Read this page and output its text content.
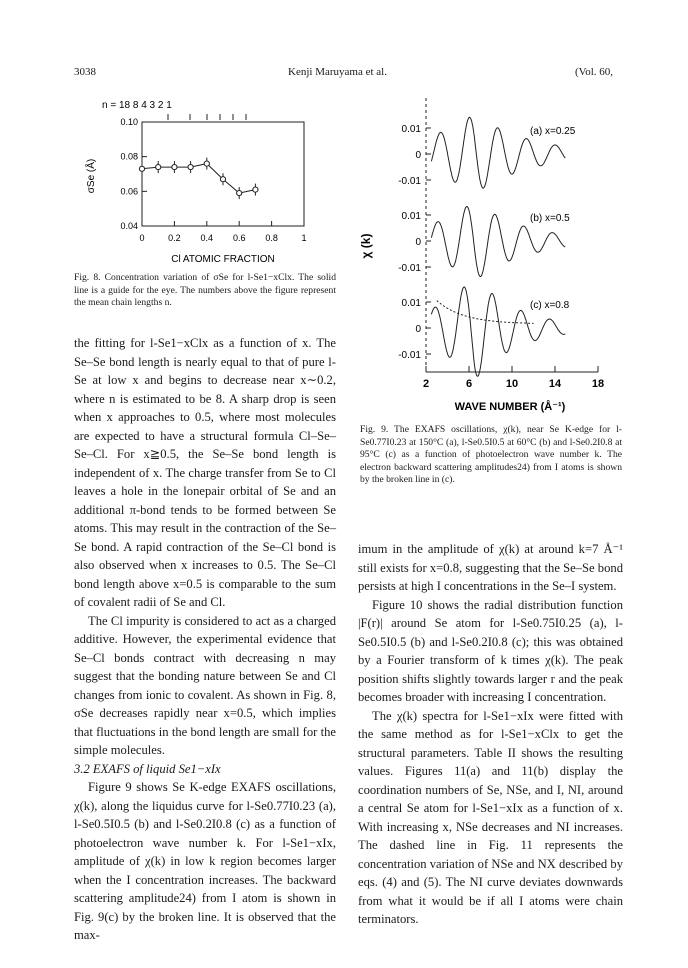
3038	Kenji Maruyama et al.	(Vol. 60,
n = 18 8 4 3 2 1
0.10
0.08
0.06
0.04
0	0.2 0.4 0.6 0.8	1
σSe (Å)
Cl ATOMIC FRACTION
Fig. 8. Concentration variation of σSe for l-Se1−xClx. The solid line is a guide for the eye. The numbers above the figure represent the mean chain lengths n.
0.01
0
-0.01
(a) x=0.25
0.01
0
-0.01
(b) x=0.5
0.01
0
-0.01
(c) x=0.8
χ (k)
2	6	10	14	18
WAVE NUMBER (Å⁻¹)
Fig. 9. The EXAFS oscillations, χ(k), near Se K-edge for l-Se0.77I0.23 at 150°C (a), l-Se0.5I0.5 at 60°C (b) and l-Se0.2I0.8 at 95°C (c) as a function of photoelectron wave number k. The electron backward scattering amplitudes24) from I atoms is shown by the broken line in (c).

the fitting for l-Se1−xClx as a function of x. The Se–Se bond length is nearly equal to that of pure l-Se at low x and begins to decrease near x∼0.2, where n is estimated to be 8. A sharp drop is seen when x approaches to 0.5, where most molecules are expected to have a structural formula Cl–Se–Se–Cl. For x≧0.5, the Se–Se bond length is independent of x. The charge transfer from Se to Cl leaves a hole in the lonepair orbital of Se and an additional π-bond tends to be formed between Se atoms. This may result in the contraction of the Se–Se bond. A rapid contraction of the Se–Cl bond is also observed when x increases to 0.5. The Se–Cl bond length above x=0.5 is comparable to the sum of covalent radii of Se and Cl.

The Cl impurity is considered to act as a charged additive. However, the experimental evidence that Se–Cl bonds contract with decreasing n may suggest that the bonding nature between Se and Cl changes from ionic to covalent. As shown in Fig. 8, σSe decreases rapidly near x=0.5, which implies that fluctuations in the bond length are small for the simple molecules.

3.2 EXAFS of liquid Se1−xIx

Figure 9 shows Se K-edge EXAFS oscillations, χ(k), along the liquidus curve for l-Se0.77I0.23 (a), l-Se0.5I0.5 (b) and l-Se0.2I0.8 (c) as a function of photoelectron wave number k. For l-Se1−xIx, amplitude of χ(k) in low k region becomes larger when the I concentration increases. The backward scattering amplitude24) from I atom is shown in Fig. 9(c) by the broken line. It is observed that the max-

imum in the amplitude of χ(k) at around k=7 Å⁻¹ still exists for x=0.8, suggesting that the Se–Se bond persists at high I concentrations in the Se–I system.

Figure 10 shows the radial distribution function |F(r)| around Se atom for l-Se0.75I0.25 (a), l-Se0.5I0.5 (b) and l-Se0.2I0.8 (c); this was obtained by a Fourier transform of k times χ(k). The peak position shifts slightly towards larger r and the peak becomes broader with increasing I concentration.

The χ(k) spectra for l-Se1−xIx were fitted with the same method as for l-Se1−xClx to get the structural parameters. Table II shows the resulting values. Figures 11(a) and 11(b) display the coordination numbers of Se, NSe, and I, NI, around a central Se atom for l-Se1−xIx as a function of x. With increasing x, NSe decreases and NI increases. The dashed line in Fig. 11 represents the concentration variation of NSe and NX described by eqs. (4) and (5). The NI curve deviates downwards from what it would be if all I atoms were chain terminators.
